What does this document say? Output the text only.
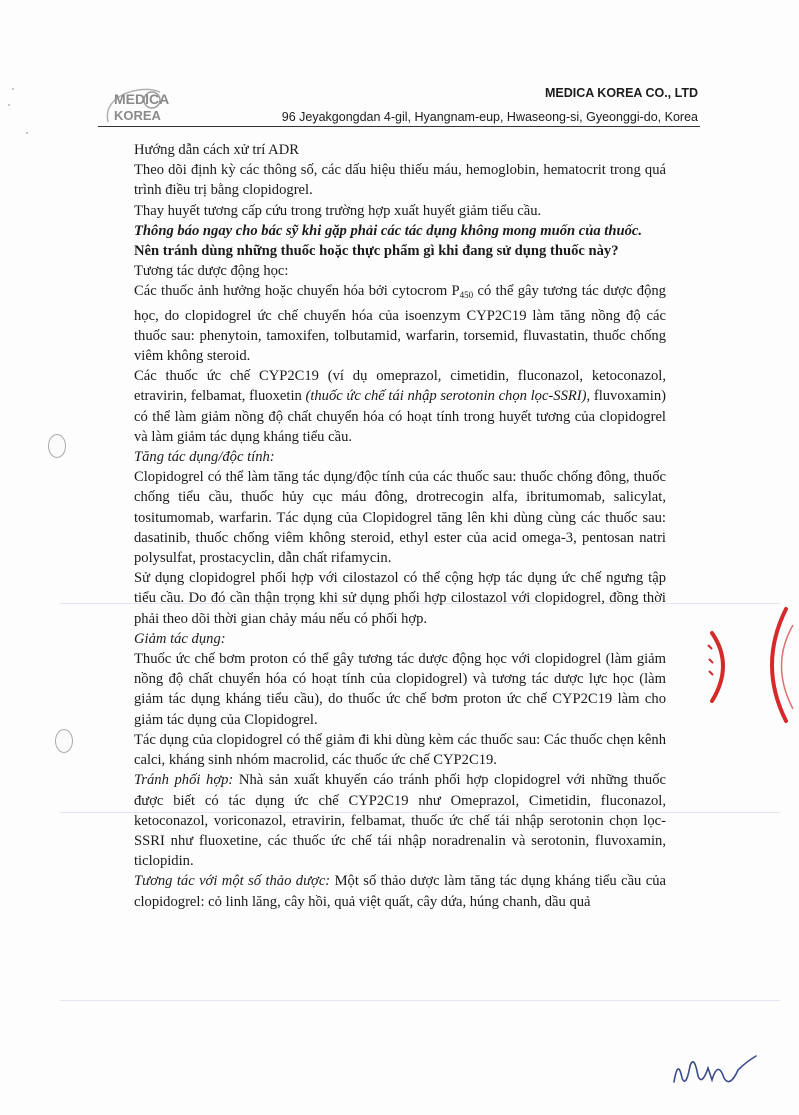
MEDICA
KOREA
MEDICA KOREA CO., LTD
96 Jeyakgongdan 4-gil, Hyangnam-eup, Hwaseong-si, Gyeonggi-do, Korea

Hướng dẫn cách xử trí ADR

Theo dõi định kỳ các thông số, các dấu hiệu thiếu máu, hemoglobin, hematocrit trong quá trình điều trị bằng clopidogrel.

Thay huyết tương cấp cứu trong trường hợp xuất huyết giảm tiểu cầu.

Thông báo ngay cho bác sỹ khi gặp phải các tác dụng không mong muốn của thuốc.

Nên tránh dùng những thuốc hoặc thực phẩm gì khi đang sử dụng thuốc này?

Tương tác dược động học:

Các thuốc ảnh hưởng hoặc chuyển hóa bởi cytocrom $P_{450}$ có thể gây tương tác dược động học, do clopidogrel ức chế chuyển hóa của isoenzym CYP2C19 làm tăng nồng độ các thuốc sau: phenytoin, tamoxifen, tolbutamid, warfarin, torsemid, fluvastatin, thuốc chống viêm không steroid.

Các thuốc ức chế CYP2C19 (ví dụ omeprazol, cimetidin, fluconazol, ketoconazol, etravirin, felbamat, fluoxetin (thuốc ức chế tái nhập serotonin chọn lọc-SSRI), fluvoxamin) có thể làm giảm nồng độ chất chuyển hóa có hoạt tính trong huyết tương của clopidogrel và làm giảm tác dụng kháng tiểu cầu.

Tăng tác dụng/độc tính:

Clopidogrel có thể làm tăng tác dụng/độc tính của các thuốc sau: thuốc chống đông, thuốc chống tiểu cầu, thuốc hủy cục máu đông, drotrecogin alfa, ibritumomab, salicylat, tositumomab, warfarin. Tác dụng của Clopidogrel tăng lên khi dùng cùng các thuốc sau: dasatinib, thuốc chống viêm không steroid, ethyl ester của acid omega-3, pentosan natri polysulfat, prostacyclin, dẫn chất rifamycin.

Sử dụng clopidogrel phối hợp với cilostazol có thể cộng hợp tác dụng ức chế ngưng tập tiểu cầu. Do đó cần thận trọng khi sử dụng phối hợp cilostazol với clopidogrel, đồng thời phải theo dõi thời gian chảy máu nếu có phối hợp.

Giảm tác dụng:

Thuốc ức chế bơm proton có thể gây tương tác dược động học với clopidogrel (làm giảm nồng độ chất chuyển hóa có hoạt tính của clopidogrel) và tương tác dược lực học (làm giảm tác dụng kháng tiểu cầu), do thuốc ức chế bơm proton ức chế CYP2C19 làm cho giảm tác dụng của Clopidogrel.

Tác dụng của clopidogrel có thể giảm đi khi dùng kèm các thuốc sau: Các thuốc chẹn kênh calci, kháng sinh nhóm macrolid, các thuốc ức chế CYP2C19.

Tránh phối hợp: Nhà sản xuất khuyến cáo tránh phối hợp clopidogrel với những thuốc được biết có tác dụng ức chế CYP2C19 như Omeprazol, Cimetidin, fluconazol, ketoconazol, voriconazol, etravirin, felbamat, thuốc ức chế tái nhập serotonin chọn lọc-SSRI như fluoxetine, các thuốc ức chế tái nhập noradrenalin và serotonin, fluvoxamin, ticlopidin.

Tương tác với một số thảo dược: Một số thảo dược làm tăng tác dụng kháng tiểu cầu của clopidogrel: cỏ linh lăng, cây hồi, quả việt quất, cây dứa, húng chanh, dầu quả
